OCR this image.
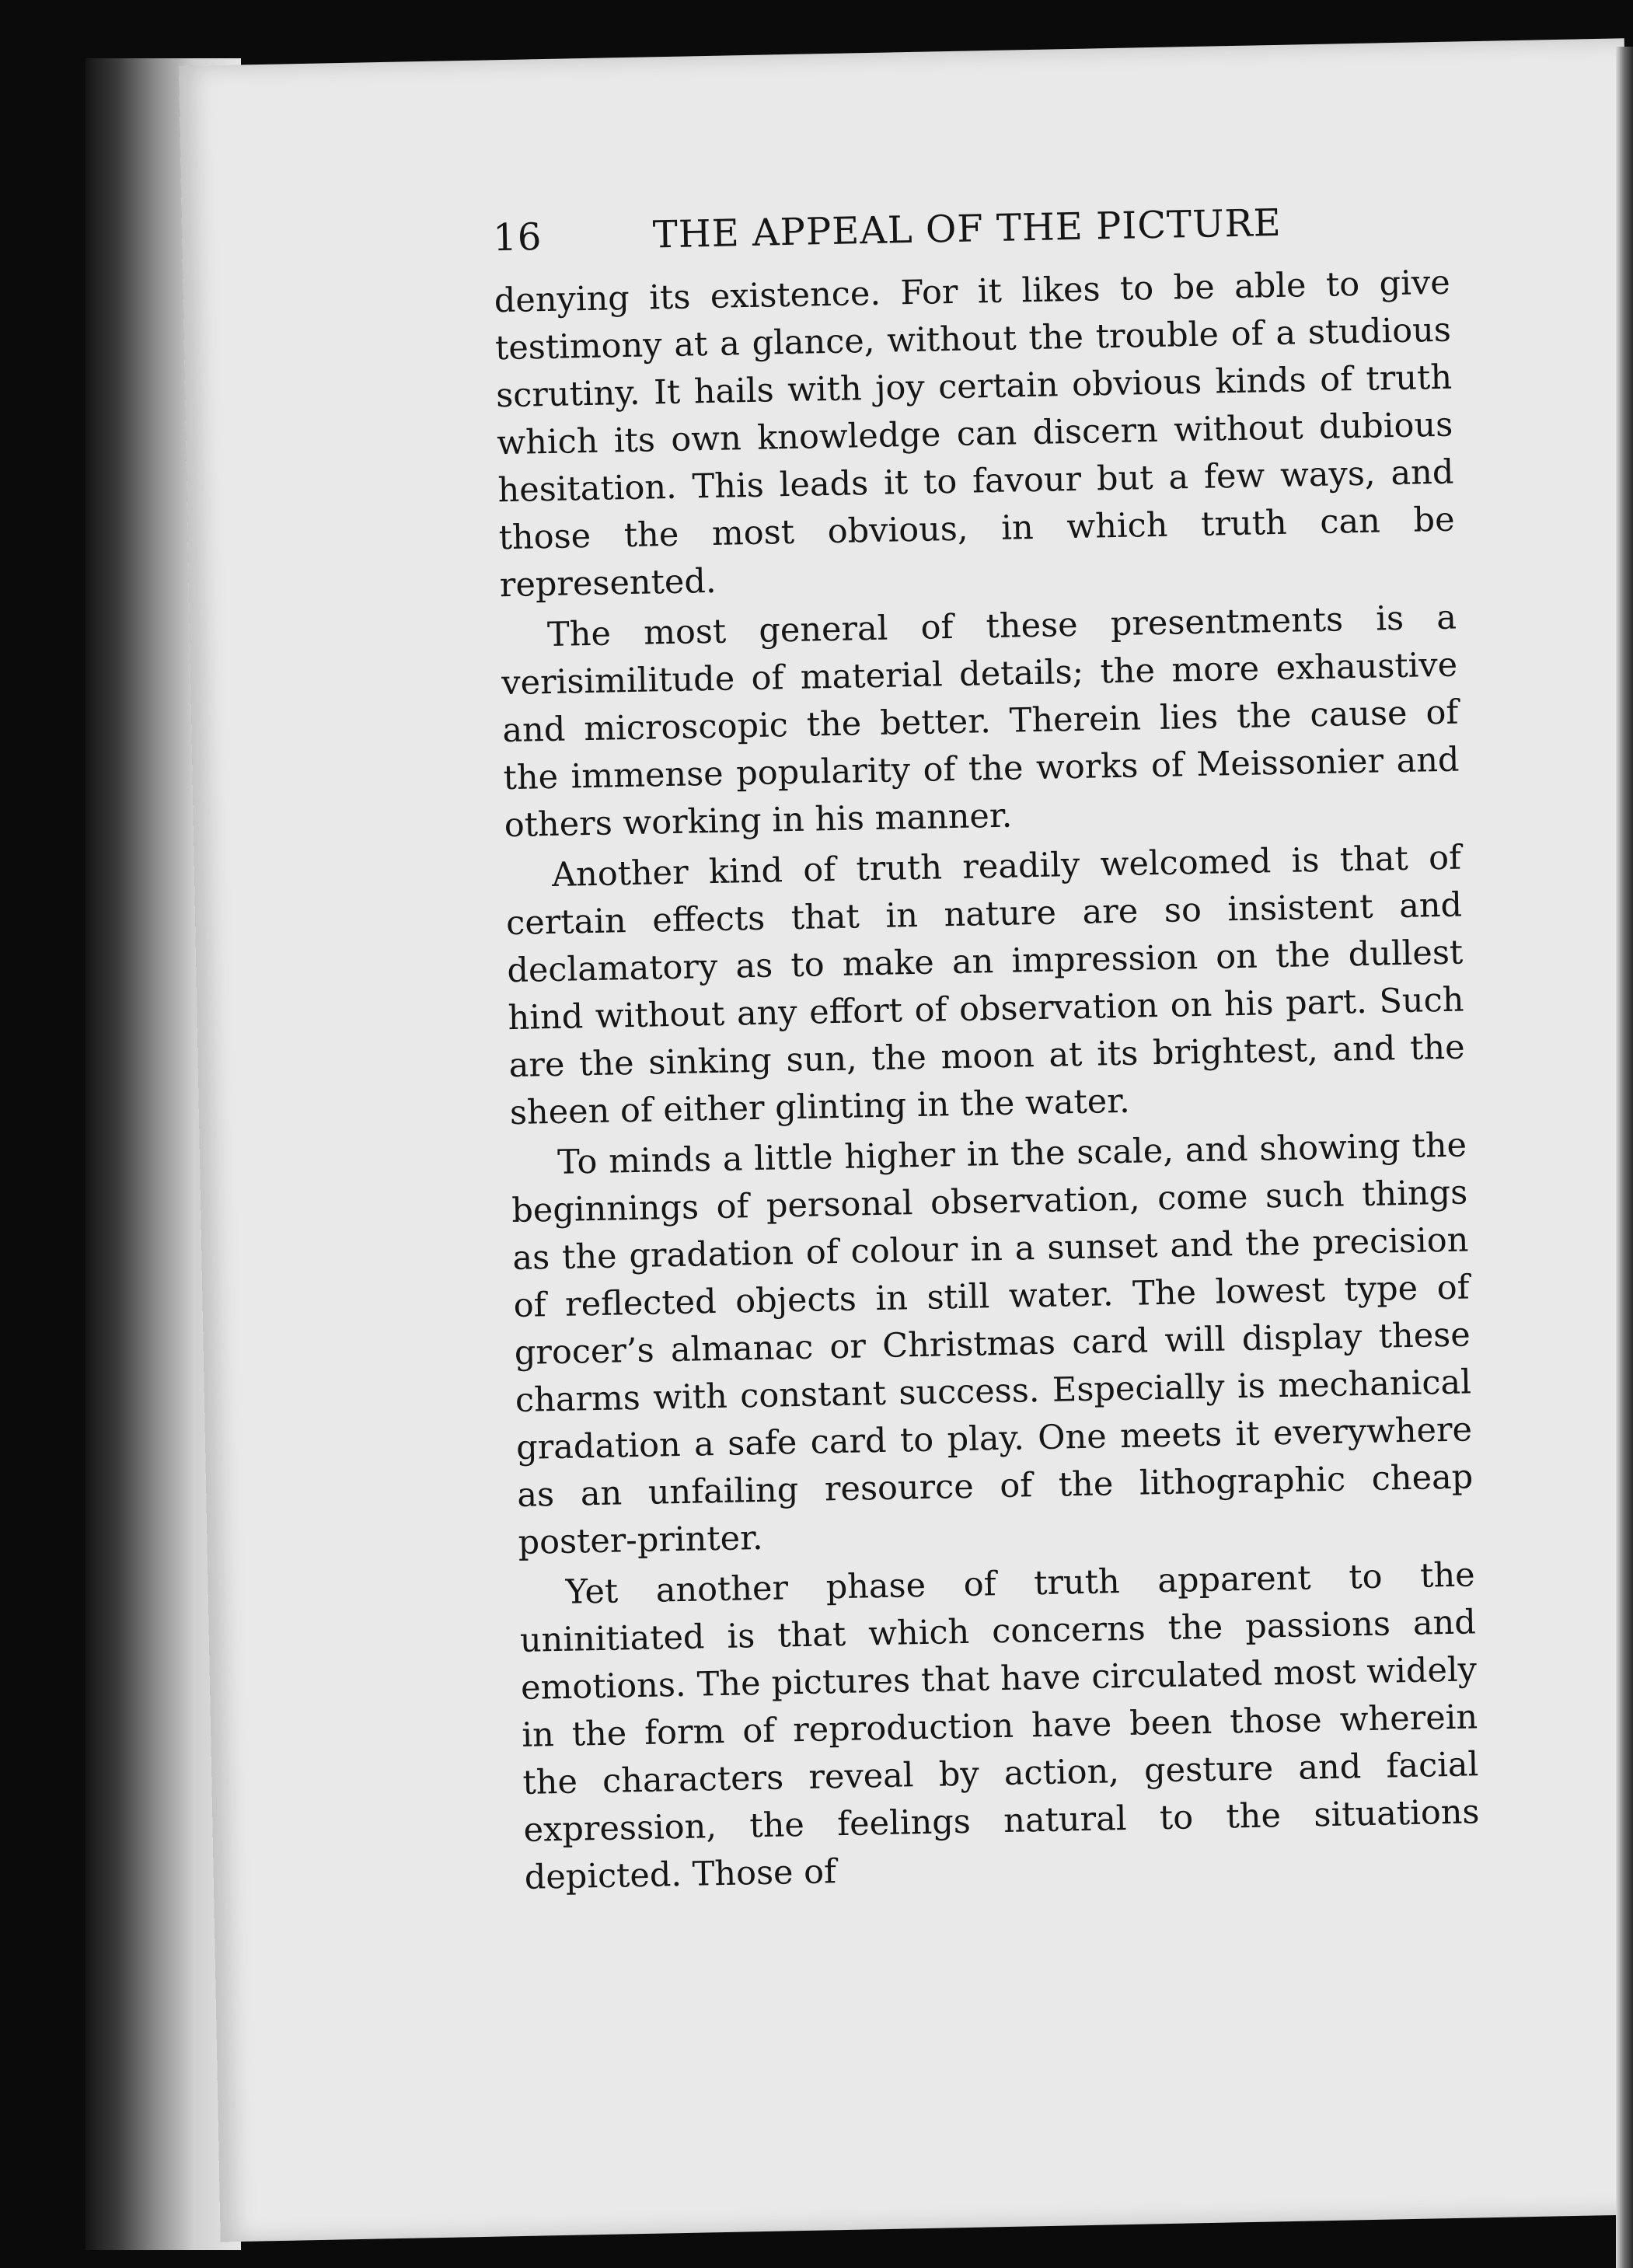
16	THE APPEAL OF THE PICTURE

denying its existence. For it likes to be able to give testimony at a glance, without the trouble of a studious scrutiny. It hails with joy certain obvious kinds of truth which its own knowledge can discern without dubious hesitation. This leads it to favour but a few ways, and those the most obvious, in which truth can be represented.

The most general of these presentments is a verisimilitude of material details; the more exhaustive and microscopic the better. Therein lies the cause of the immense popularity of the works of Meissonier and others working in his manner.

Another kind of truth readily welcomed is that of certain effects that in nature are so insistent and declamatory as to make an impression on the dullest hind without any effort of observation on his part. Such are the sinking sun, the moon at its brightest, and the sheen of either glinting in the water.

To minds a little higher in the scale, and showing the beginnings of personal observation, come such things as the gradation of colour in a sunset and the precision of reflected objects in still water. The lowest type of grocer’s almanac or Christmas card will display these charms with constant success. Especially is mechanical gradation a safe card to play. One meets it everywhere as an unfailing resource of the lithographic cheap poster-printer.

Yet another phase of truth apparent to the uninitiated is that which concerns the passions and emotions. The pictures that have circulated most widely in the form of reproduction have been those wherein the characters reveal by action, gesture and facial expression, the feelings natural to the situations depicted. Those of
